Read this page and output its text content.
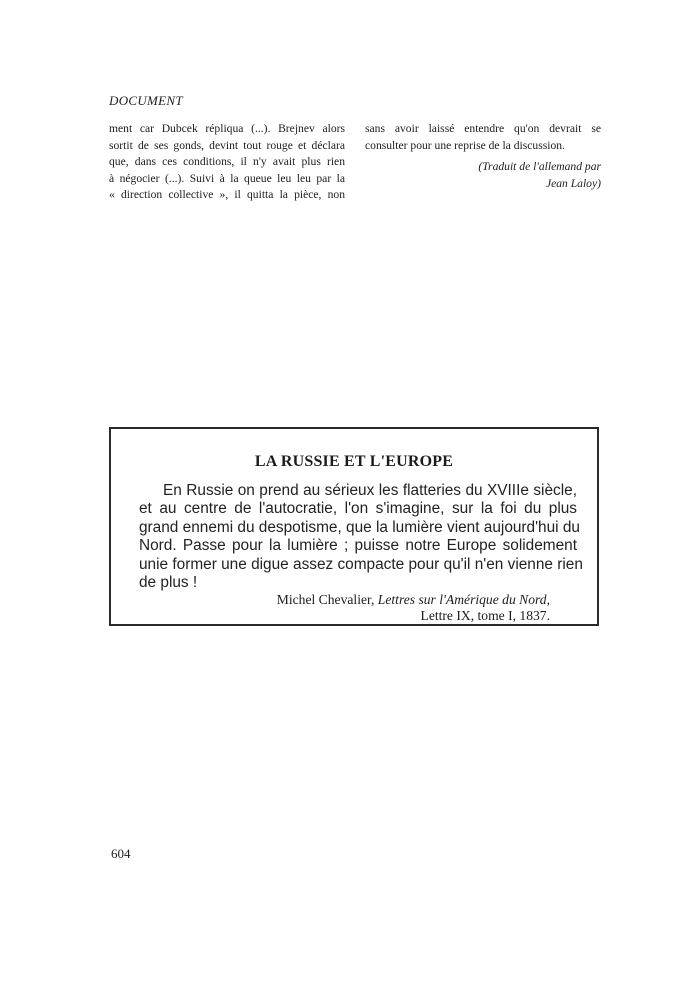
DOCUMENT
ment car Dubcek répliqua (...). Brejnev alors
sortit de ses gonds, devint tout rouge et déclara
que, dans ces conditions, il n'y avait plus rien
à négocier (...). Suivi à la queue leu leu par la
« direction collective », il quitta la pièce, non
sans avoir laissé entendre qu'on devrait se
consulter pour une reprise de la discussion.
(Traduit de l'allemand par
Jean Laloy)
LA RUSSIE ET L'EUROPE
En Russie on prend au sérieux les flatteries du XVIIIe siècle,
et au centre de l'autocratie, l'on s'imagine, sur la foi du plus
grand ennemi du despotisme, que la lumière vient aujourd'hui du
Nord. Passe pour la lumière ; puisse notre Europe solidement
unie former une digue assez compacte pour qu'il n'en vienne rien
de plus !
Michel Chevalier, Lettres sur l'Amérique du Nord,
Lettre IX, tome I, 1837.
604
